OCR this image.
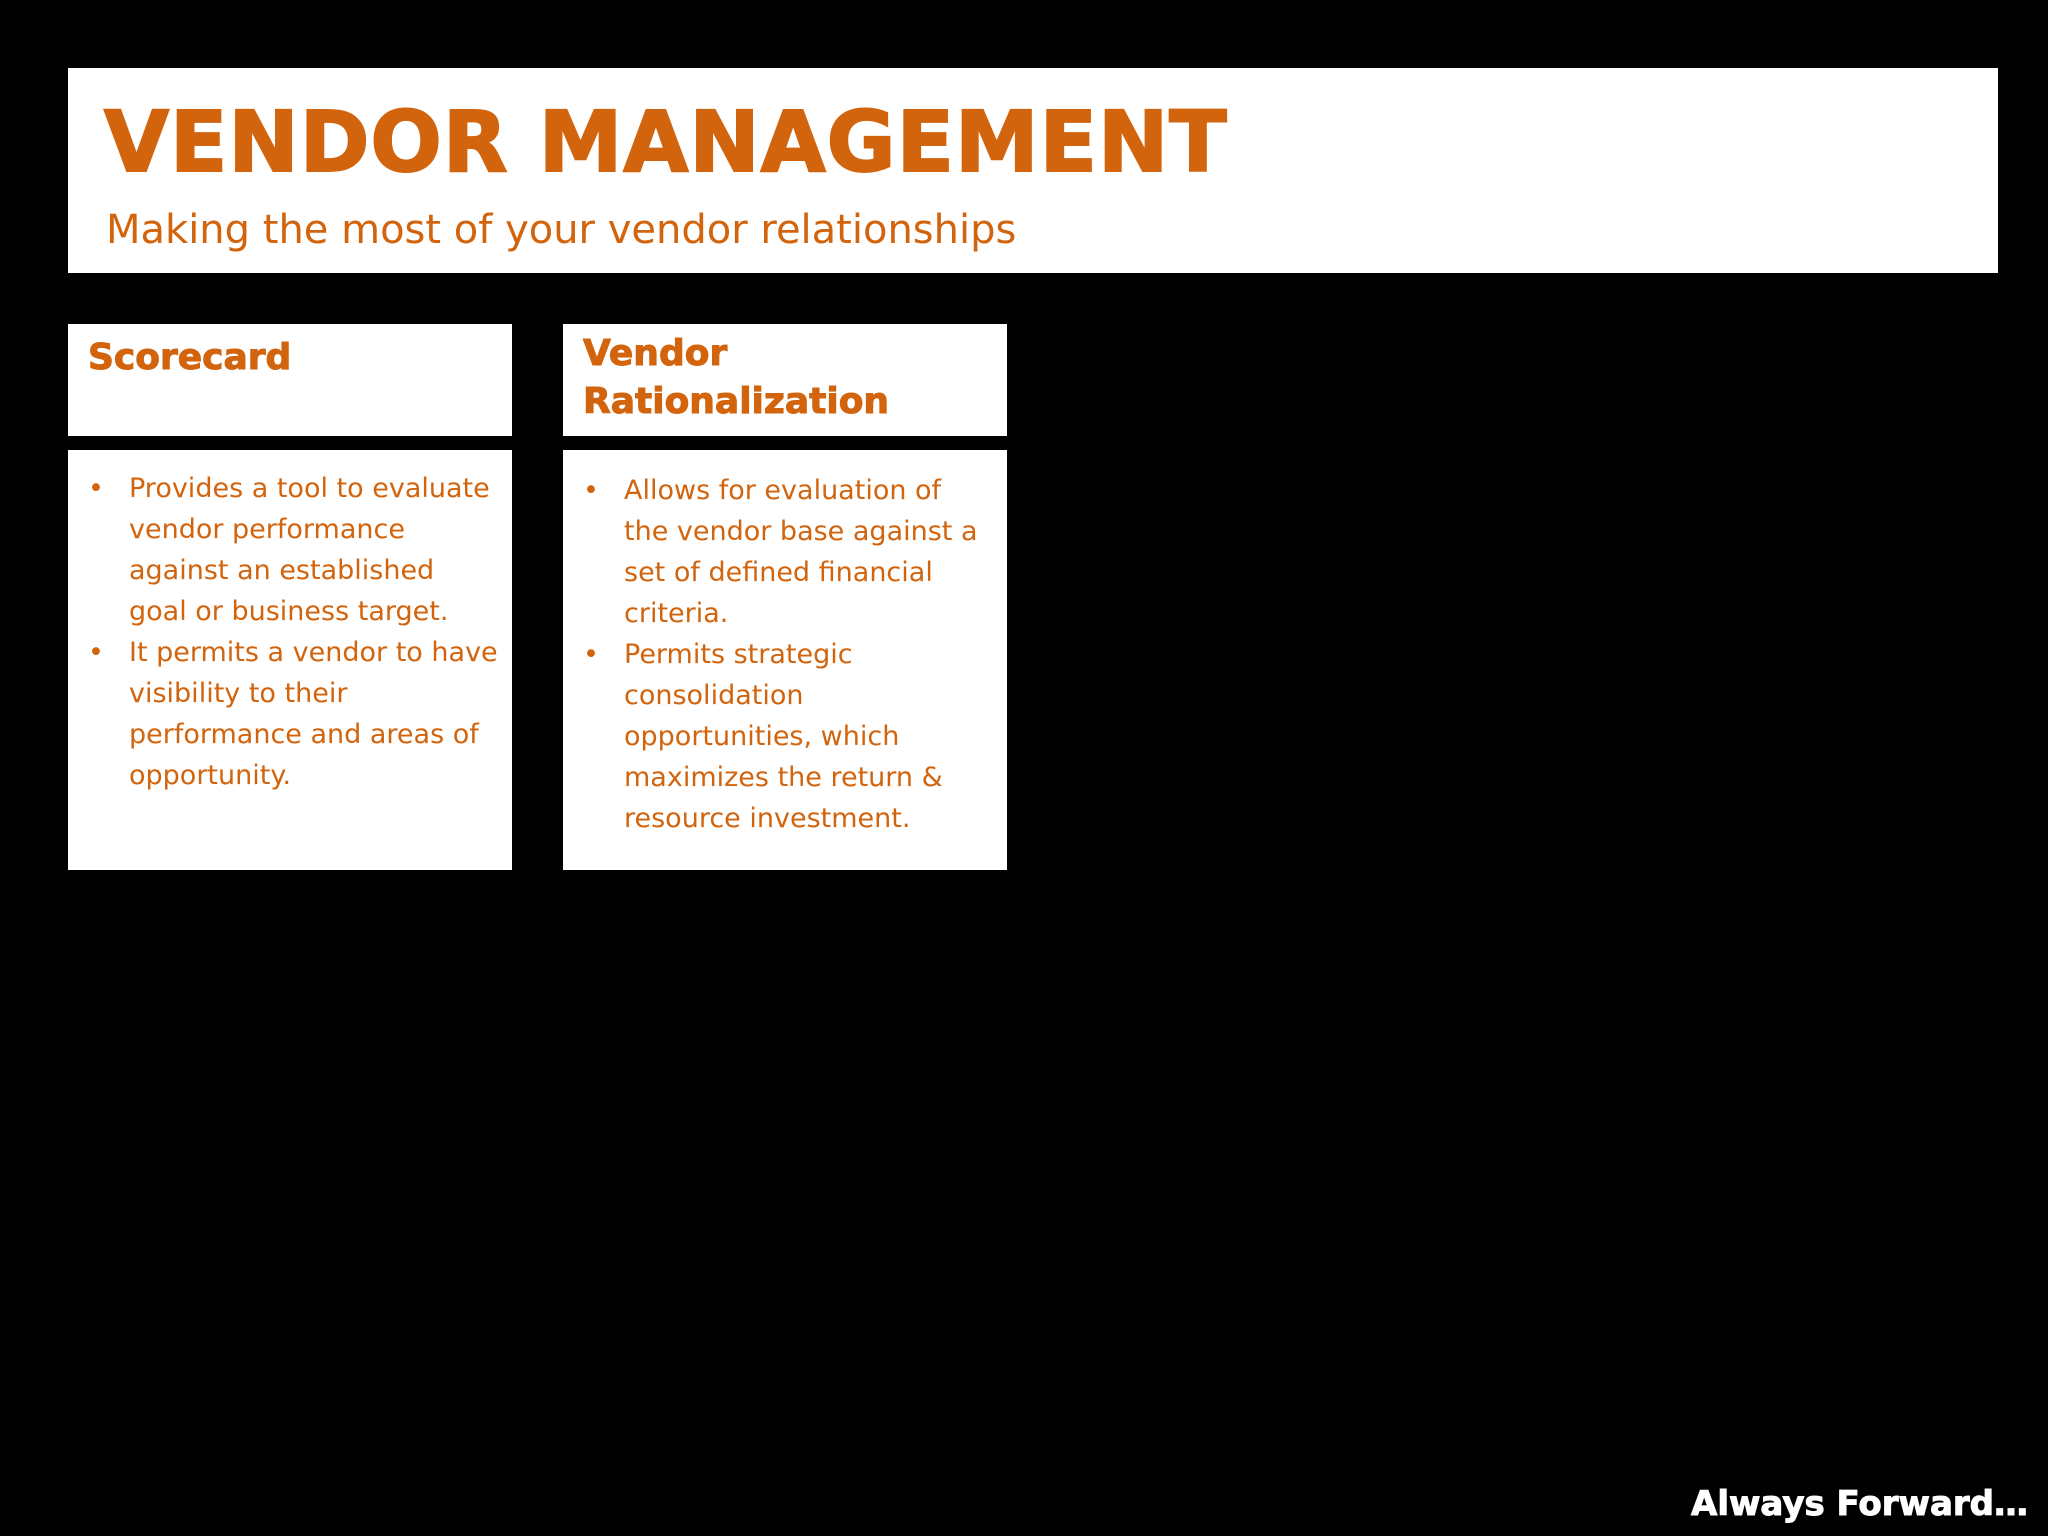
VENDOR MANAGEMENT

Making the most of your vendor relationships

Scorecard
• Provides a tool to evaluate vendor performance against an established goal or business target.
• It permits a vendor to have visibility to their performance and areas of opportunity.
Vendor Rationalization
• Allows for evaluation of the vendor base against a set of defined financial criteria.
• Permits strategic consolidation opportunities, which maximizes the return & resource investment.

Always Forward…
